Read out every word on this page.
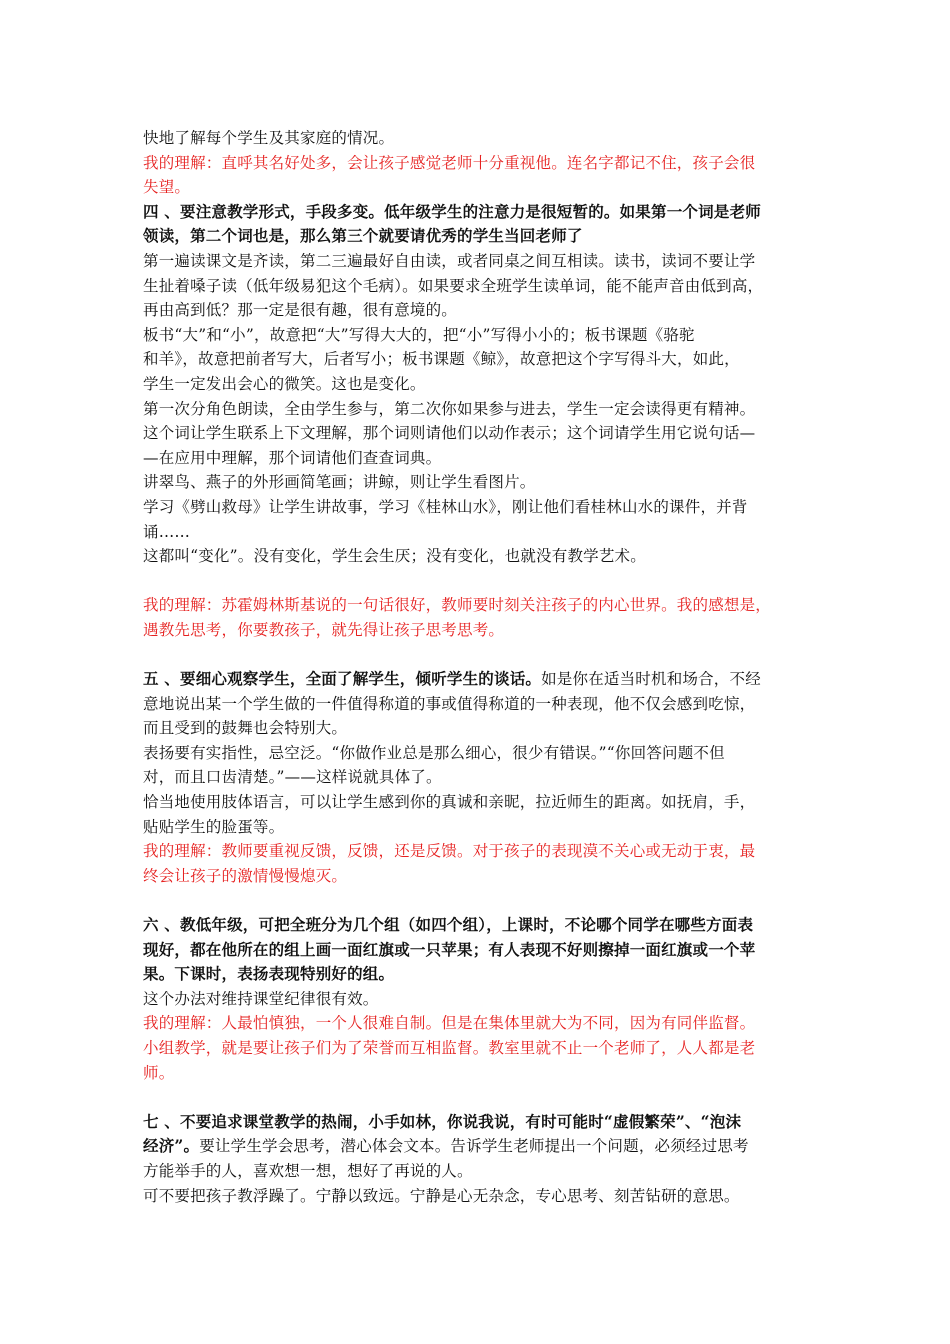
快地了解每个学生及其家庭的情况。
我的理解：直呼其名好处多，会让孩子感觉老师十分重视他。连名字都记不住，孩子会很
失望。
四 、要注意教学形式，手段多变。低年级学生的注意力是很短暂的。如果第一个词是老师
领读，第二个词也是，那么第三个就要请优秀的学生当回老师了
第一遍读课文是齐读，第二三遍最好自由读，或者同桌之间互相读。读书，读词不要让学
生扯着嗓子读（低年级易犯这个毛病）。如果要求全班学生读单词，能不能声音由低到高，
再由高到低？那一定是很有趣，很有意境的。
板书“大”和“小”，故意把“大”写得大大的，把“小”写得小小的；板书课题《骆驼
和羊》，故意把前者写大，后者写小；板书课题《鲸》，故意把这个字写得斗大，如此，
学生一定发出会心的微笑。这也是变化。
第一次分角色朗读，全由学生参与，第二次你如果参与进去，学生一定会读得更有精神。
这个词让学生联系上下文理解，那个词则请他们以动作表示；这个词请学生用它说句话—
—在应用中理解，那个词请他们查查词典。
讲翠鸟、燕子的外形画简笔画；讲鲸，则让学生看图片。
学习《劈山救母》让学生讲故事，学习《桂林山水》，刚让他们看桂林山水的课件，并背
诵……
这都叫“变化”。没有变化，学生会生厌；没有变化，也就没有教学艺术。
我的理解：苏霍姆林斯基说的一句话很好，教师要时刻关注孩子的内心世界。我的感想是，
遇教先思考，你要教孩子，就先得让孩子思考思考。
五 、要细心观察学生，全面了解学生，倾听学生的谈话。如是你在适当时机和场合，不经
意地说出某一个学生做的一件值得称道的事或值得称道的一种表现，他不仅会感到吃惊，
而且受到的鼓舞也会特别大。
表扬要有实指性，忌空泛。“你做作业总是那么细心，很少有错误。”“你回答问题不但
对，而且口齿清楚。”——这样说就具体了。
恰当地使用肢体语言，可以让学生感到你的真诚和亲昵，拉近师生的距离。如抚肩，手，
贴贴学生的脸蛋等。
我的理解：教师要重视反馈，反馈，还是反馈。对于孩子的表现漠不关心或无动于衷，最
终会让孩子的激情慢慢熄灭。
六 、教低年级，可把全班分为几个组（如四个组），上课时，不论哪个同学在哪些方面表
现好，都在他所在的组上画一面红旗或一只苹果；有人表现不好则擦掉一面红旗或一个苹
果。下课时，表扬表现特别好的组。
这个办法对维持课堂纪律很有效。
我的理解：人最怕慎独，一个人很难自制。但是在集体里就大为不同，因为有同伴监督。
小组教学，就是要让孩子们为了荣誉而互相监督。教室里就不止一个老师了，人人都是老
师。
七 、不要追求课堂教学的热闹，小手如林，你说我说，有时可能时“虚假繁荣”、“泡沫
经济”。要让学生学会思考，潜心体会文本。告诉学生老师提出一个问题，必须经过思考
方能举手的人，喜欢想一想，想好了再说的人。
可不要把孩子教浮躁了。宁静以致远。宁静是心无杂念，专心思考、刻苦钻研的意思。
